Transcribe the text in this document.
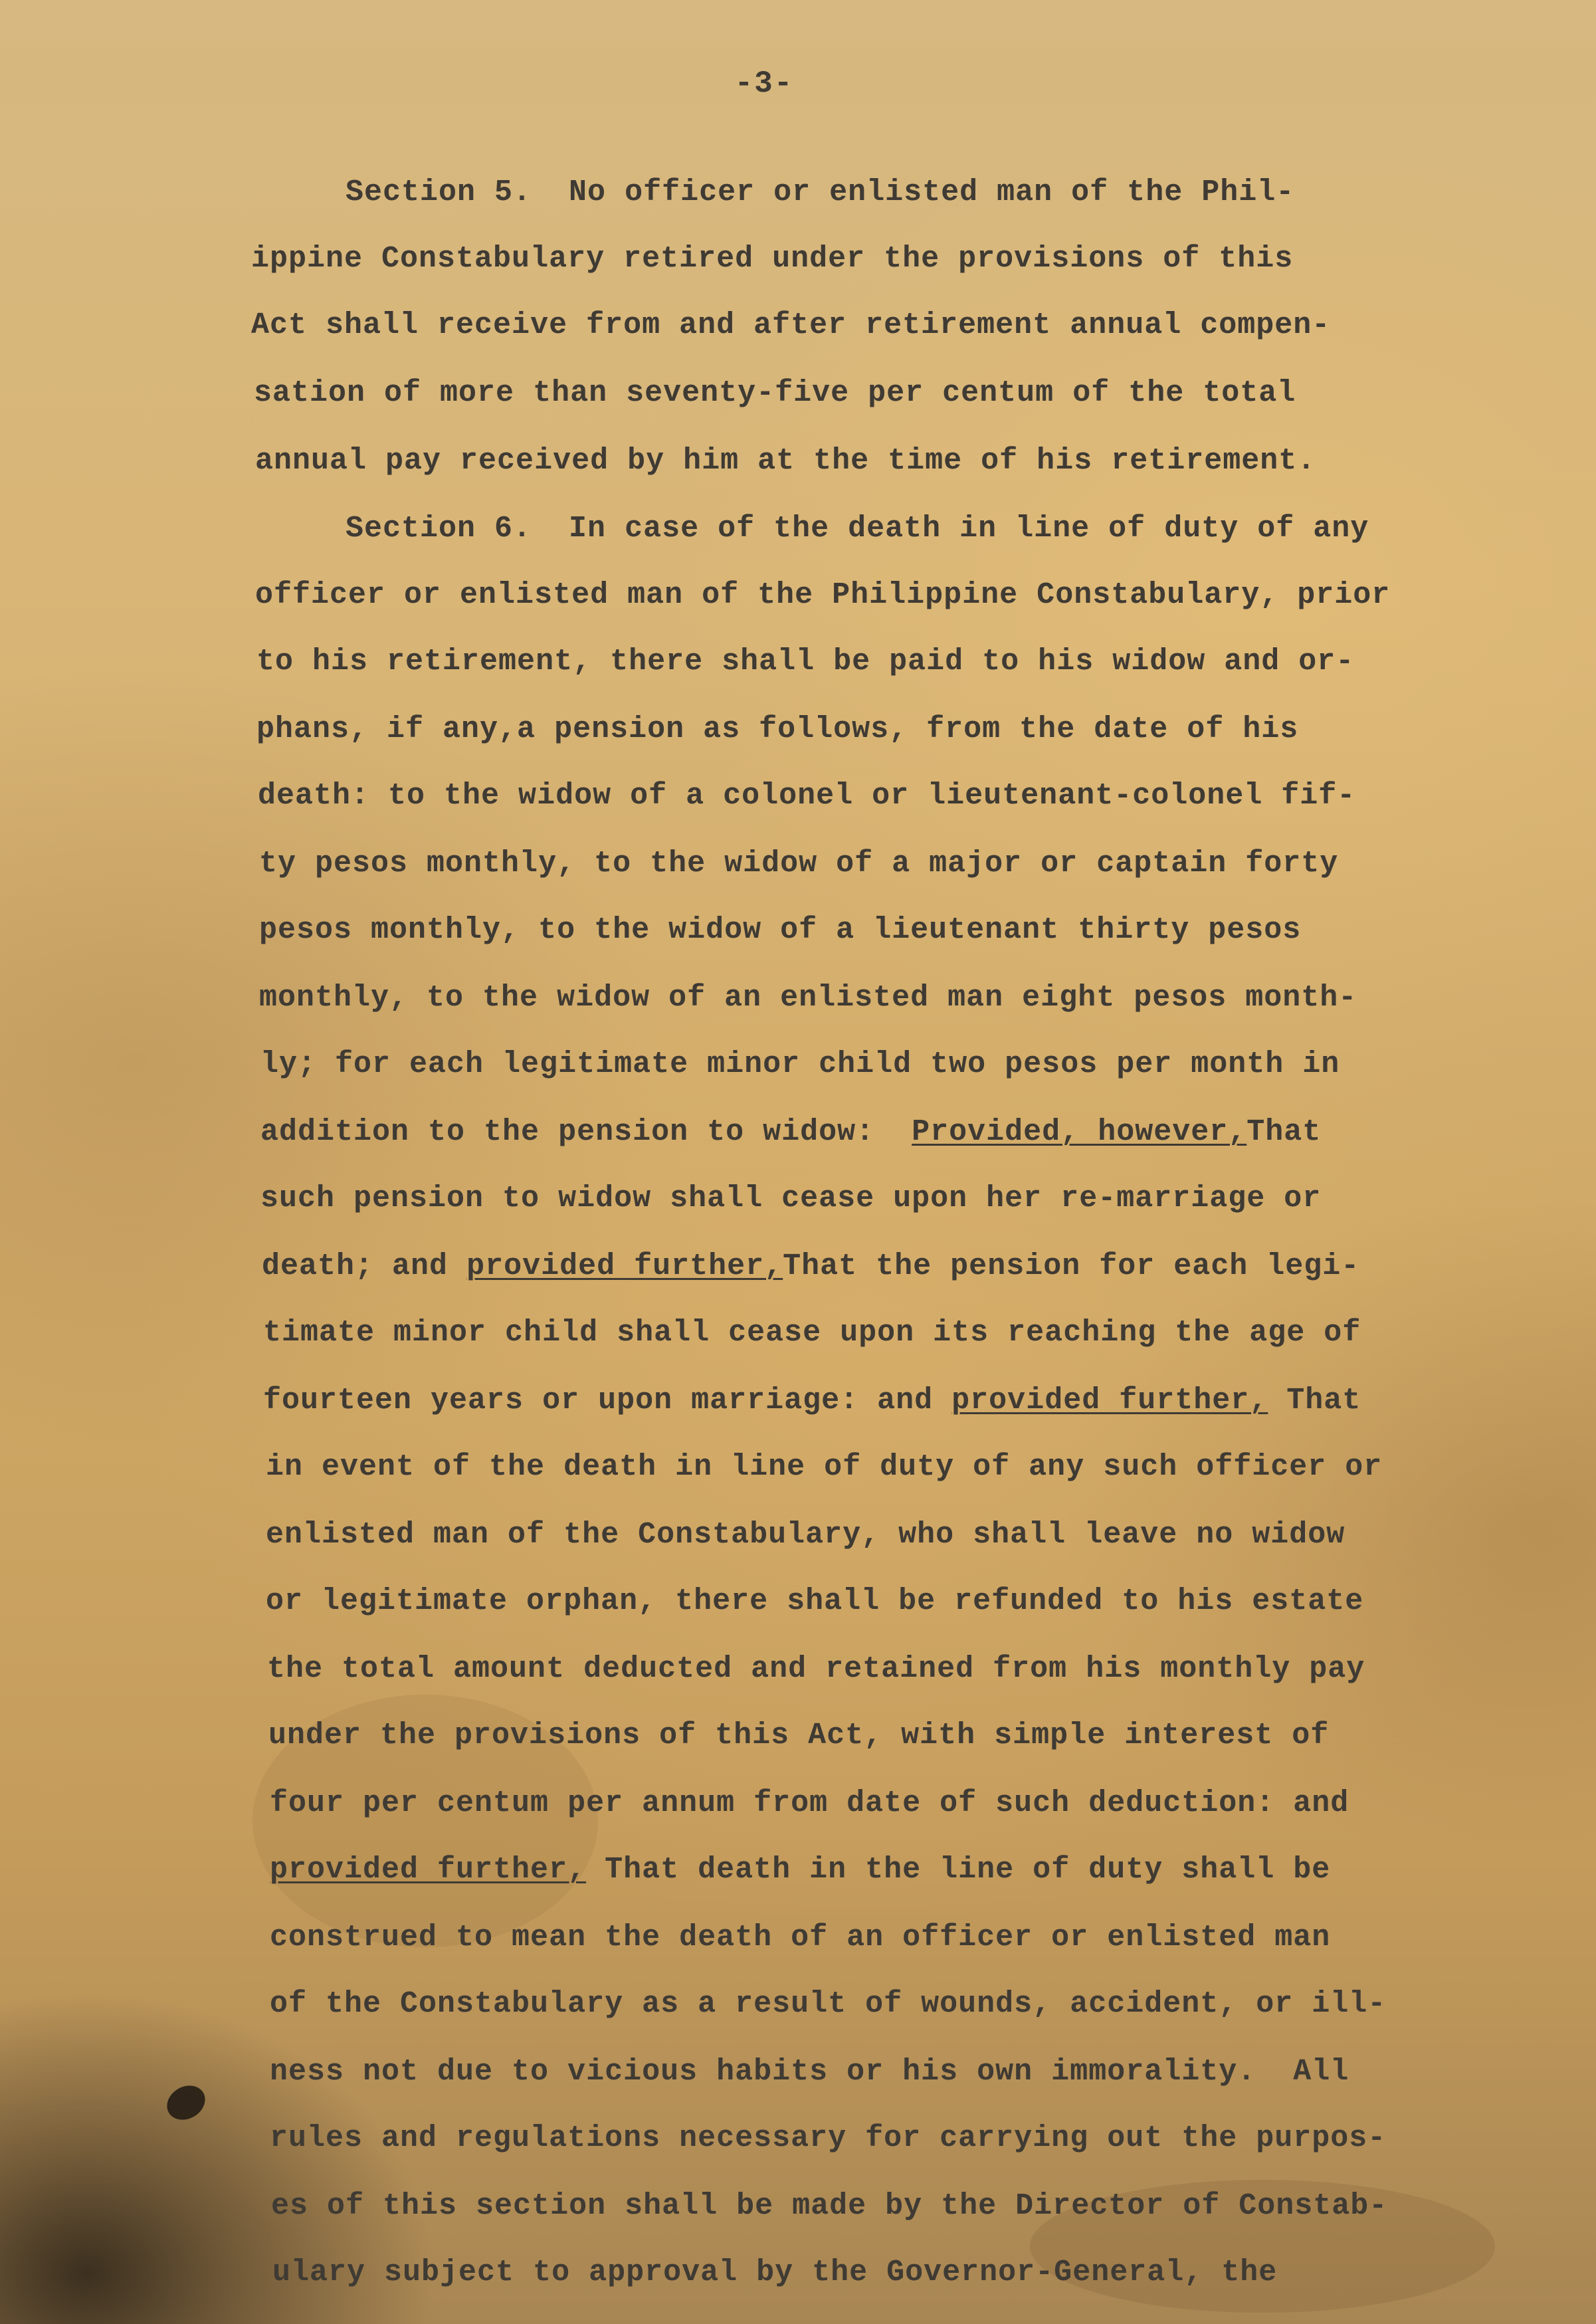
-3-
Section 5.  No officer or enlisted man of the Phil-
ippine Constabulary retired under the provisions of this
Act shall receive from and after retirement annual compen-
sation of more than seventy-five per centum of the total
annual pay received by him at the time of his retirement.
Section 6.  In case of the death in line of duty of any
officer or enlisted man of the Philippine Constabulary, prior
to his retirement, there shall be paid to his widow and or-
phans, if any,a pension as follows, from the date of his
death: to the widow of a colonel or lieutenant-colonel fif-
ty pesos monthly, to the widow of a major or captain forty
pesos monthly, to the widow of a lieutenant thirty pesos
monthly, to the widow of an enlisted man eight pesos month-
ly; for each legitimate minor child two pesos per month in
addition to the pension to widow:  Provided, however,That
such pension to widow shall cease upon her re-marriage or
death; and provided further,That the pension for each legi-
timate minor child shall cease upon its reaching the age of
fourteen years or upon marriage: and provided further, That
in event of the death in line of duty of any such officer or
enlisted man of the Constabulary, who shall leave no widow
or legitimate orphan, there shall be refunded to his estate
the total amount deducted and retained from his monthly pay
under the provisions of this Act, with simple interest of
four per centum per annum from date of such deduction: and
provided further, That death in the line of duty shall be
construed to mean the death of an officer or enlisted man
of the Constabulary as a result of wounds, accident, or ill-
ness not due to vicious habits or his own immorality.  All
rules and regulations necessary for carrying out the purpos-
es of this section shall be made by the Director of Constab-
ulary subject to approval by the Governor-General, the
